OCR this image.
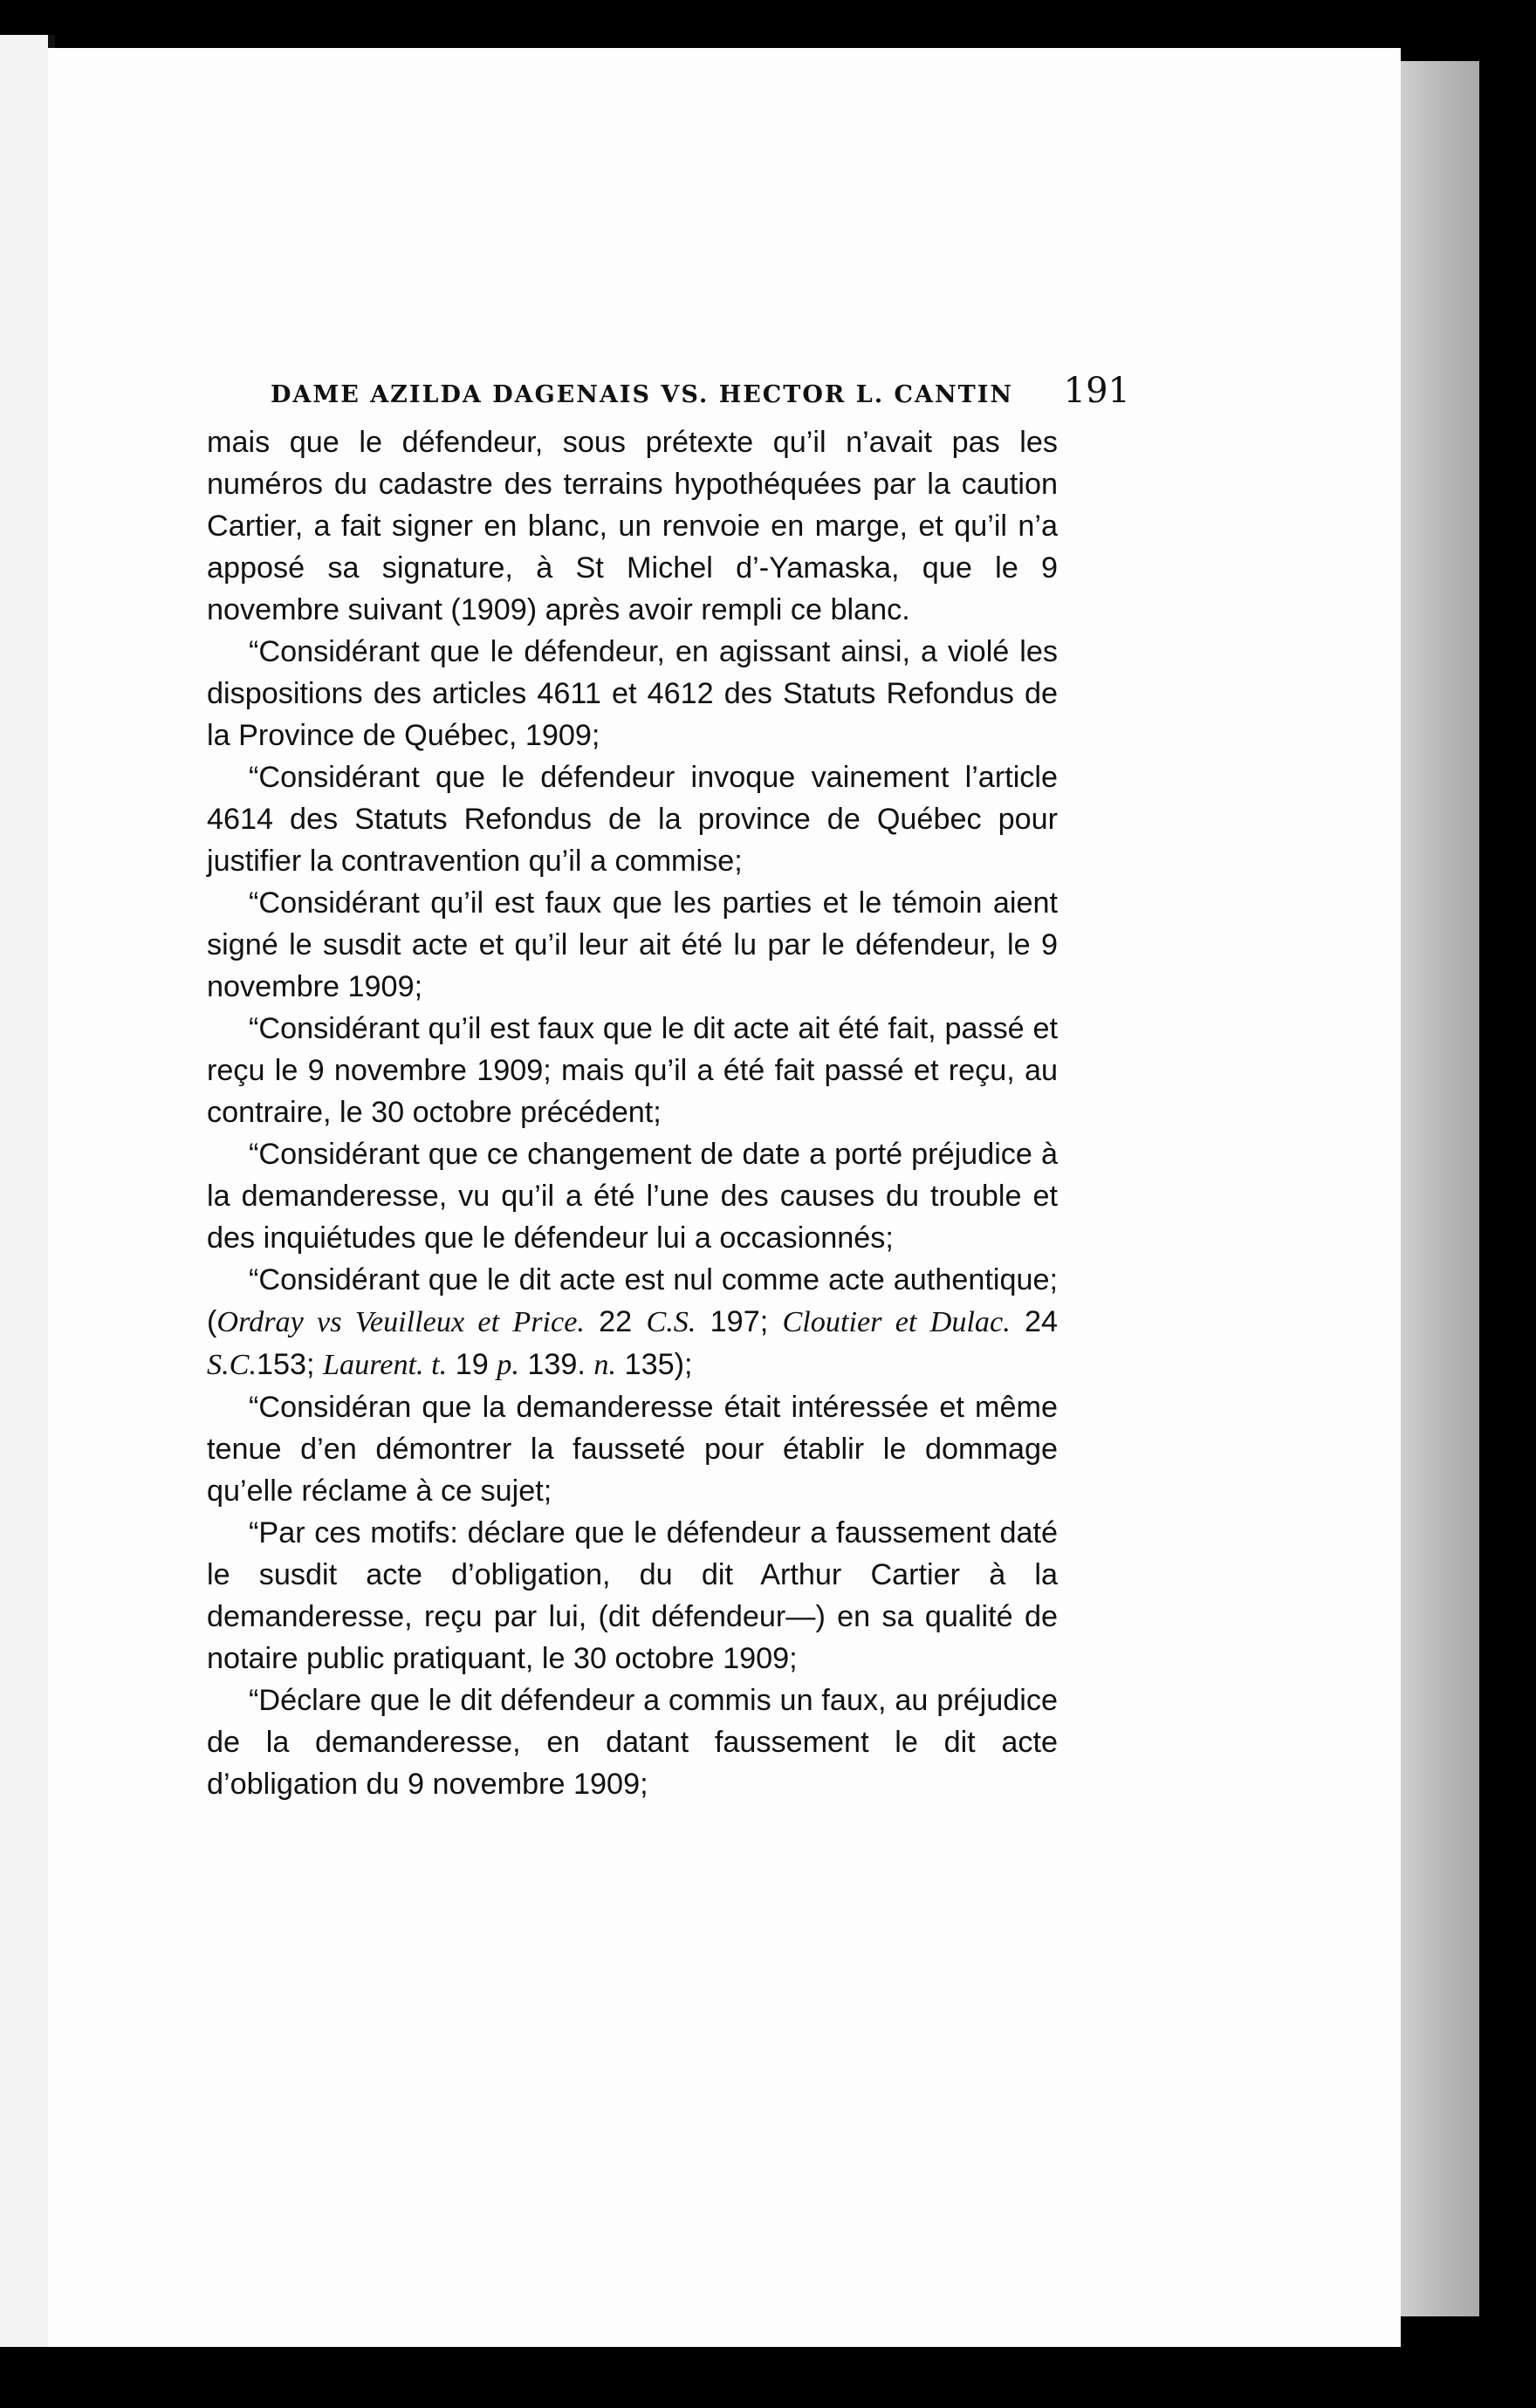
DAME AZILDA DAGENAIS VS. HECTOR L. CANTIN 191

mais que le défendeur, sous prétexte qu’il n’avait pas les numéros du cadastre des terrains hypothéquées par la caution Cartier, a fait signer en blanc, un renvoie en marge, et qu’il n’a apposé sa signature, à St Michel d’-Yamaska, que le 9 novembre suivant (1909) après avoir rempli ce blanc.

“Considérant que le défendeur, en agissant ainsi, a violé les dispositions des articles 4611 et 4612 des Statuts Refondus de la Province de Québec, 1909;

“Considérant que le défendeur invoque vainement l’article 4614 des Statuts Refondus de la province de Québec pour justifier la contravention qu’il a commise;

“Considérant qu’il est faux que les parties et le témoin aient signé le susdit acte et qu’il leur ait été lu par le défendeur, le 9 novembre 1909;

“Considérant qu’il est faux que le dit acte ait été fait, passé et reçu le 9 novembre 1909; mais qu’il a été fait passé et reçu, au contraire, le 30 octobre précédent;

“Considérant que ce changement de date a porté préjudice à la demanderesse, vu qu’il a été l’une des causes du trouble et des inquiétudes que le défendeur lui a occasionnés;

“Considérant que le dit acte est nul comme acte authentique; (Ordray vs Veuilleux et Price. 22 C.S. 197; Cloutier et Dulac. 24 S.C.153; Laurent. t. 19 p. 139. n. 135);

“Considéran que la demanderesse était intéressée et même tenue d’en démontrer la fausseté pour établir le dommage qu’elle réclame à ce sujet;

“Par ces motifs: déclare que le défendeur a faussement daté le susdit acte d’obligation, du dit Arthur Cartier à la demanderesse, reçu par lui, (dit défendeur—) en sa qualité de notaire public pratiquant, le 30 octobre 1909;

“Déclare que le dit défendeur a commis un faux, au préjudice de la demanderesse, en datant faussement le dit acte d’obligation du 9 novembre 1909;
